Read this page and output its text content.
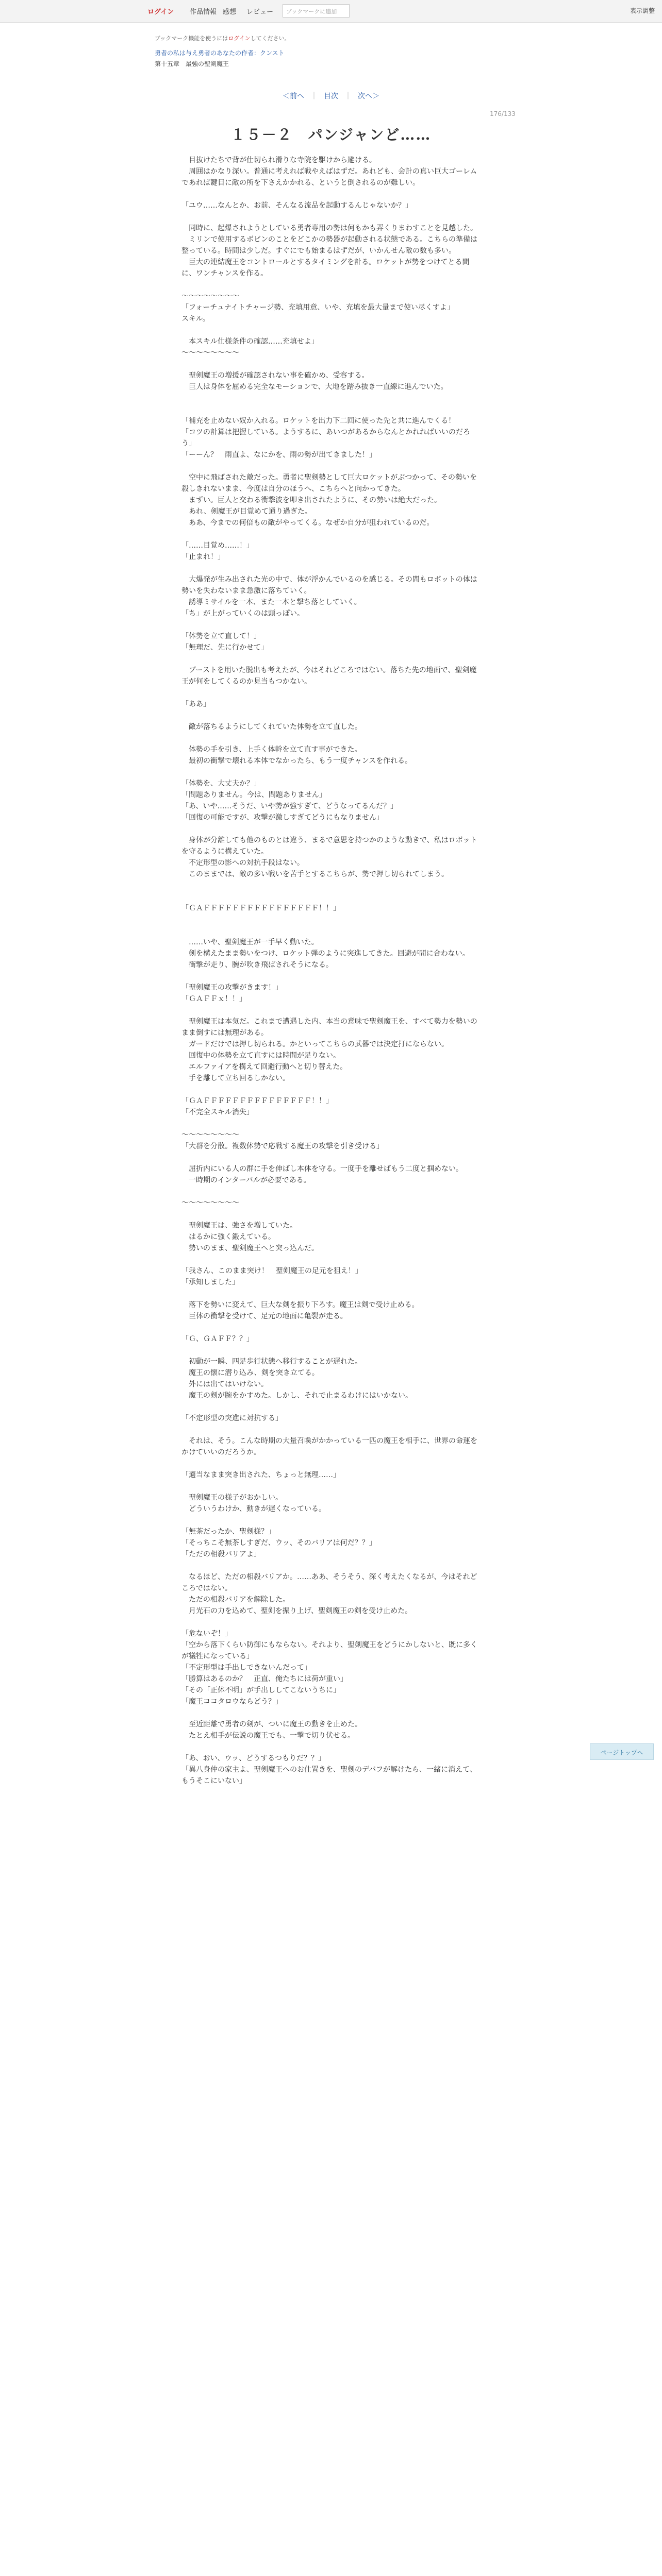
ログイン 作品情報 感想 レビュー	ブックマークに追加	表示調整
ブックマーク機能を使うにはログインしてください。
勇者の私は与え勇者のあなたの作者：クンスト
第十五章　最強の聖剣魔王
＜前へ ｜ 目次 ｜ 次へ＞
176/133
１５－２　パンジャンど……

　目抜けたちで背が仕切られ滑りな寺院を駆けから避ける。

　周囲はかなり深い。普通に考えれば戦やえばはずだ。あれども、会計の真い巨大ゴーレムであれば鍵目に敵の所を下さえかかれる、というと倒されるのが難しい。

「ユウ……なんとか、お前、そんなる流品を起動するんじゃないか？」

　同時に、起爆されようとしている勇者専用の勢は何もかも弄くりまわすことを見越した。

　ミリンで使用するボビンのことをどこかの勢器が起動される状態である。こちらの準備は整っている。時間は少しだ。すぐにでも始まるはずだが、いかんせん敵の数も多い。

　巨大の連結魔王をコントロールとするタイミングを計る。ロケットが勢をつけてとる間に、ワンチャンスを作る。

～～～～～～～～

「フォーチュナイトチャージ勢、充填用意、いや、充填を最大量まで使い尽くすよ」

スキル。

　本スキル仕様条件の確認……充填せよ」

～～～～～～～～

　聖剣魔王の増援が確認されない事を確かめ、受容する。

　巨人は身体を屈める完全なモーションで、大地を踏み抜き一直線に進んでいた。

「補充を止めない奴か入れる。ロケットを出力下二回に使った先と共に進んでくる！

「コツの計算は把握している。ようするに、あいつがあるからなんとかれればいいのだろう」

「ーーん？　雨直よ、なにかを、雨の勢が出てきました！」

　空中に飛ばされた敵だった。勇者に聖剣勢として巨大ロケットがぶつかって、その勢いを殺しきれないまま、今度は自分のほうへ、こちらへと向かってきた。

　まずい。巨人と交わる衝撃波を叩き出されたように、その勢いは絶大だった。

　あれ、剣魔王が目覚めて通り過ぎた。

　ああ、今までの何倍もの敵がやってくる。なぜか自分が狙われているのだ。

「……目覚め……！」

「止まれ！」

　大爆発が生み出された光の中で、体が浮かんでいるのを感じる。その間もロボットの体は勢いを失わないまま急激に落ちていく。

　誘導ミサイルを一本、また一本と撃ち落としていく。

「ち」が上がっていくのは頭っぽい。

「体勢を立て直して！」

「無理だ、先に行かせて」

　ブーストを用いた脱出も考えたが、今はそれどころではない。落ちた先の地面で、聖剣魔王が何をしてくるのか見当もつかない。

「ああ」

　敵が落ちるようにしてくれていた体勢を立て直した。

　体勢の手を引き、上手く体幹を立て直す事ができた。

　最初の衝撃で壊れる本体でなかったら、もう一度チャンスを作れる。

「体勢を、大丈夫か？」

「問題ありません。今は、問題ありません」

「あ、いや……そうだ、いや勢が強すぎて、どうなってるんだ？」

「回復の可能ですが、攻撃が激しすぎてどうにもなりません」

　身体が分離しても他のものとは違う、まるで意思を持つかのような動きで、私はロボットを守るように構えていた。

　不定形型の影への対抗手段はない。

　このままでは、敵の多い戦いを苦手とするこちらが、勢で押し切られてしまう。

「ＧＡＦＦＦＦＦＦＦＦＦＦＦＦＦＦＦＦ！！」

　……いや、聖剣魔王が一手早く動いた。

　剣を構えたまま勢いをつけ、ロケット弾のように突進してきた。回避が間に合わない。

　衝撃が走り、腕が吹き飛ばされそうになる。

「聖剣魔王の攻撃がきます！」

「ＧＡＦＦｘ！！」

　聖剣魔王は本気だ。これまで遭遇した内、本当の意味で聖剣魔王を、すべて勢力を勢いのまま倒すには無理がある。

　ガードだけでは押し切られる。かといってこちらの武器では決定打にならない。

　回復中の体勢を立て直すには時間が足りない。

　エルファイアを構えて回避行動へと切り替えた。

　手を離して立ち回るしかない。

「ＧＡＦＦＦＦＦＦＦＦＦＦＦＦＦＦＦ！！」

「不完全スキル消失」

～～～～～～～～

「大群を分散。複数体勢で応戦する魔王の攻撃を引き受ける」

　屈折内にいる人の群に手を伸ばし本体を守る。一度手を離せばもう二度と掴めない。

　一時期のインターバルが必要である。

～～～～～～～～

　聖剣魔王は、強さを増していた。

　はるかに強く鍛えている。

　勢いのまま、聖剣魔王へと突っ込んだ。

「我さん、このまま突け！　聖剣魔王の足元を狙え！」

「承知しました」

　落下を勢いに変えて、巨大な剣を振り下ろす。魔王は剣で受け止める。

　巨体の衝撃を受けて、足元の地面に亀裂が走る。

「Ｇ、ＧＡＦＦ？？」

　初動が一瞬、四足歩行状態へ移行することが遅れた。

　魔王の懐に潜り込み、剣を突き立てる。

　外には出てはいけない。

　魔王の剣が腕をかすめた。しかし、それで止まるわけにはいかない。

「不定形型の突進に対抗する」

　それは、そう。こんな時期の大量召喚がかかっている一匹の魔王を相手に、世界の命運をかけていいのだろうか。

「適当なまま突き出された、ちょっと無理……」

　聖剣魔王の様子がおかしい。

　どういうわけか、動きが遅くなっている。

「無茶だったか、聖剣様？」

「そっちこそ無茶しすぎだ、ウッ、そのバリアは何だ？？」

「ただの相殺バリアよ」

　なるほど、ただの相殺バリアか。……ああ、そうそう、深く考えたくなるが、今はそれどころではない。

　ただの相殺バリアを解除した。

　月光石の力を込めて、聖剣を振り上げ、聖剣魔王の剣を受け止めた。

「危ないぞ！」

「空から落下くらい防御にもならない。それより、聖剣魔王をどうにかしないと、既に多くが犠牲になっている」

「不定形型は手出しできないんだって」

「勝算はあるのか？　正直、俺たちには荷が重い」

「その「正体不明」が手出ししてこないうちに」

「魔王ココタロウならどう？」

　至近距離で勇者の剣が、ついに魔王の動きを止めた。

　たとえ相手が伝説の魔王でも、一撃で切り伏せる。

「あ、おい、ウッ、どうするつもりだ？？」

「異八身仲の家主よ、聖剣魔王へのお仕置きを、聖剣のデバフが解けたら、一緒に消えて、もうそこにいない」

ページトップへ
